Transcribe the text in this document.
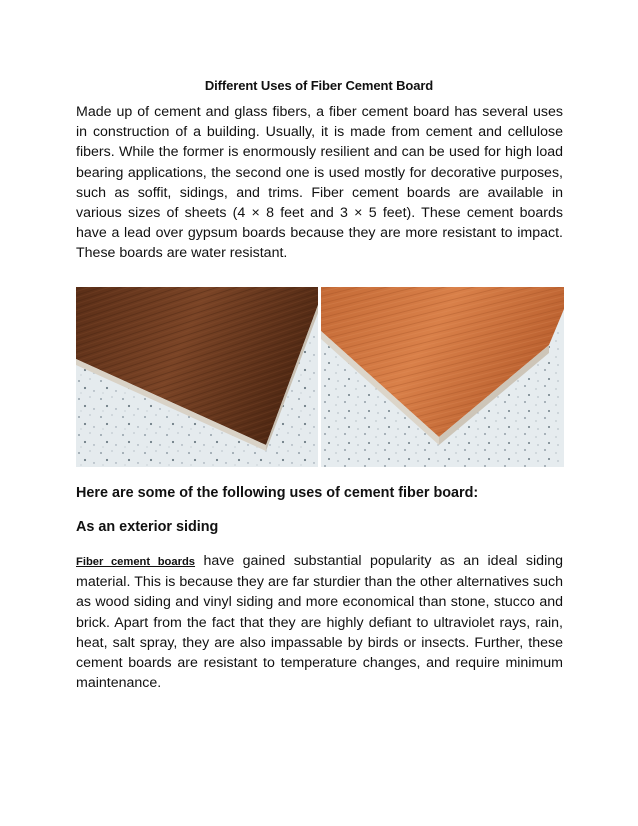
Different Uses of Fiber Cement Board

Made up of cement and glass fibers, a fiber cement board has several uses in construction of a building. Usually, it is made from cement and cellulose fibers. While the former is enormously resilient and can be used for high load bearing applications, the second one is used mostly for decorative purposes, such as soffit, sidings, and trims. Fiber cement boards are available in various sizes of sheets (4 × 8 feet and 3 × 5 feet). These cement boards have a lead over gypsum boards because they are more resistant to impact. These boards are water resistant.

Here are some of the following uses of cement fiber board:

As an exterior siding

Fiber cement boards have gained substantial popularity as an ideal siding material. This is because they are far sturdier than the other alternatives such as wood siding and vinyl siding and more economical than stone, stucco and brick. Apart from the fact that they are highly defiant to ultraviolet rays, rain, heat, salt spray, they are also impassable by birds or insects. Further, these cement boards are resistant to temperature changes, and require minimum maintenance.
